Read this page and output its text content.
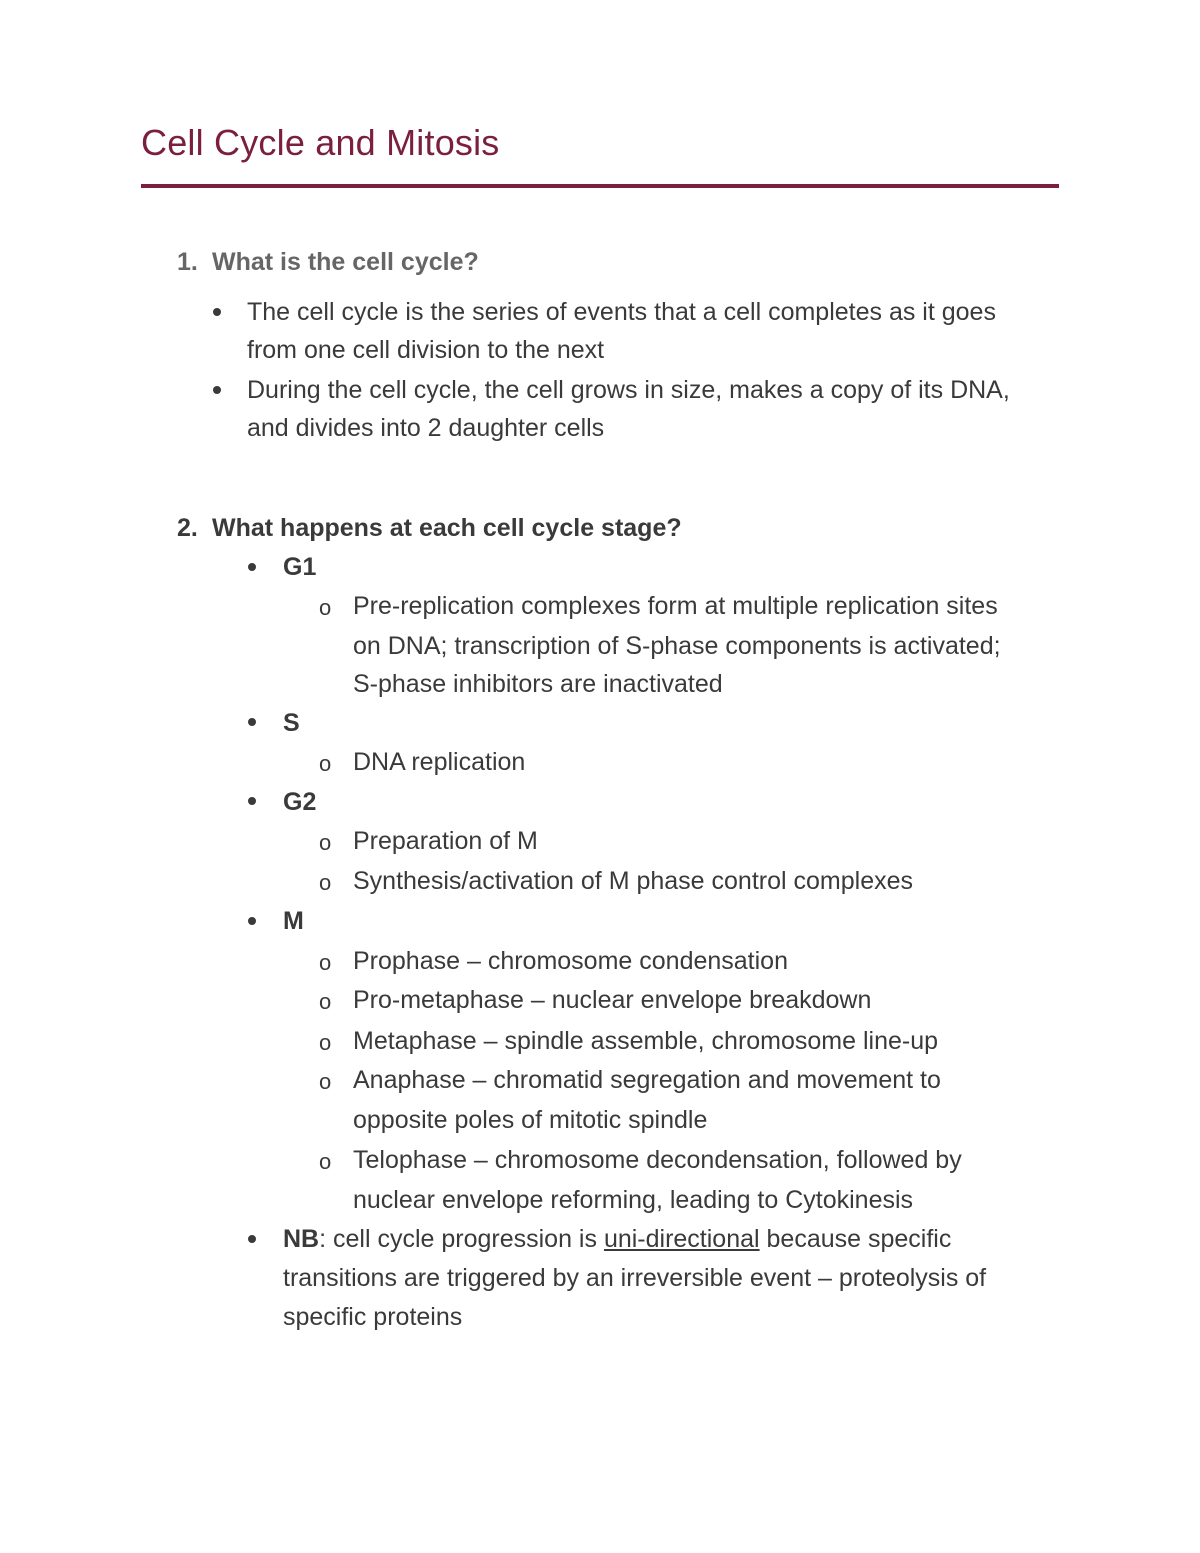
Cell Cycle and Mitosis
1. What is the cell cycle?
The cell cycle is the series of events that a cell completes as it goes
from one cell division to the next
During the cell cycle, the cell grows in size, makes a copy of its DNA,
and divides into 2 daughter cells
2. What happens at each cell cycle stage?
G1
o Pre-replication complexes form at multiple replication sites
on DNA; transcription of S-phase components is activated;
S-phase inhibitors are inactivated
S
o DNA replication
G2
o Preparation of M
o Synthesis/activation of M phase control complexes
M
o Prophase – chromosome condensation
o Pro-metaphase – nuclear envelope breakdown
o Metaphase – spindle assemble, chromosome line-up
o Anaphase – chromatid segregation and movement to
opposite poles of mitotic spindle
o Telophase – chromosome decondensation, followed by
nuclear envelope reforming, leading to Cytokinesis
NB: cell cycle progression is uni-directional because specific
transitions are triggered by an irreversible event – proteolysis of
specific proteins
